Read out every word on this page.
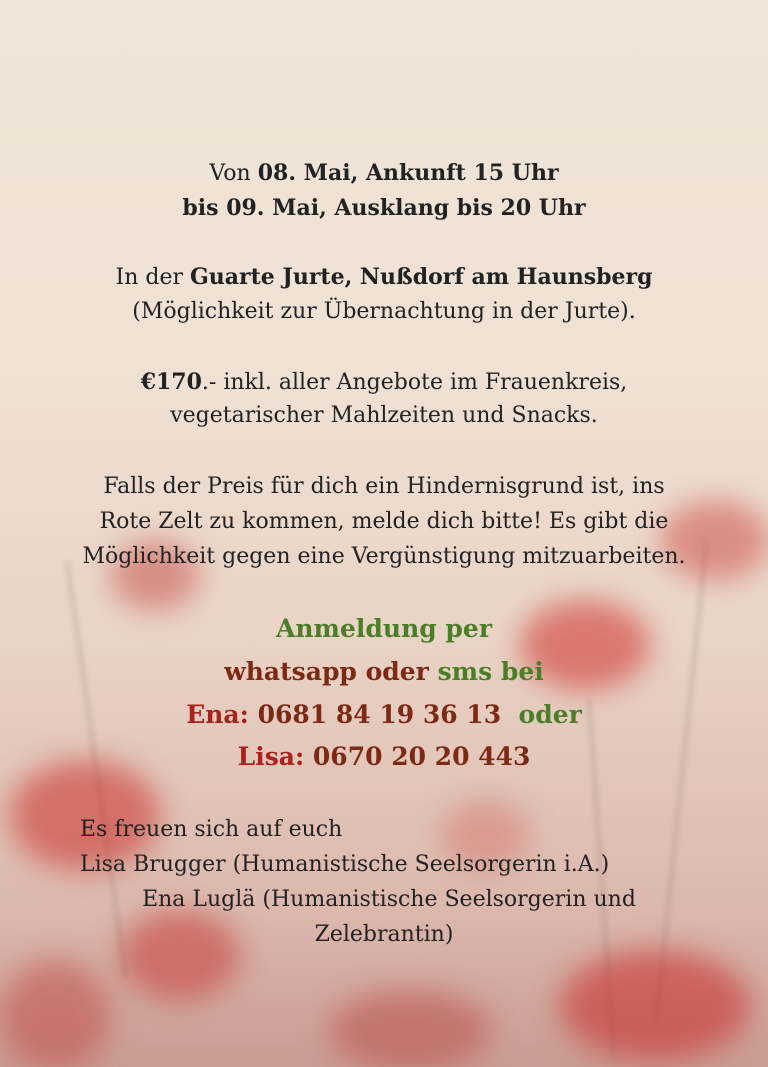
Von 08. Mai, Ankunft 15 Uhr
bis 09. Mai, Ausklang bis 20 Uhr
In der Guarte Jurte, Nußdorf am Haunsberg
(Möglichkeit zur Übernachtung in der Jurte).
€170.- inkl. aller Angebote im Frauenkreis,
vegetarischer Mahlzeiten und Snacks.
Falls der Preis für dich ein Hindernisgrund ist, ins
Rote Zelt zu kommen, melde dich bitte! Es gibt die
Möglichkeit gegen eine Vergünstigung mitzuarbeiten.
Anmeldung per
whatsapp oder sms bei
Ena: 0681 84 19 36 13  oder
Lisa: 0670 20 20 443
Es freuen sich auf euch
Lisa Brugger (Humanistische Seelsorgerin i.A.)
Ena Luglä (Humanistische Seelsorgerin und
Zelebrantin)
